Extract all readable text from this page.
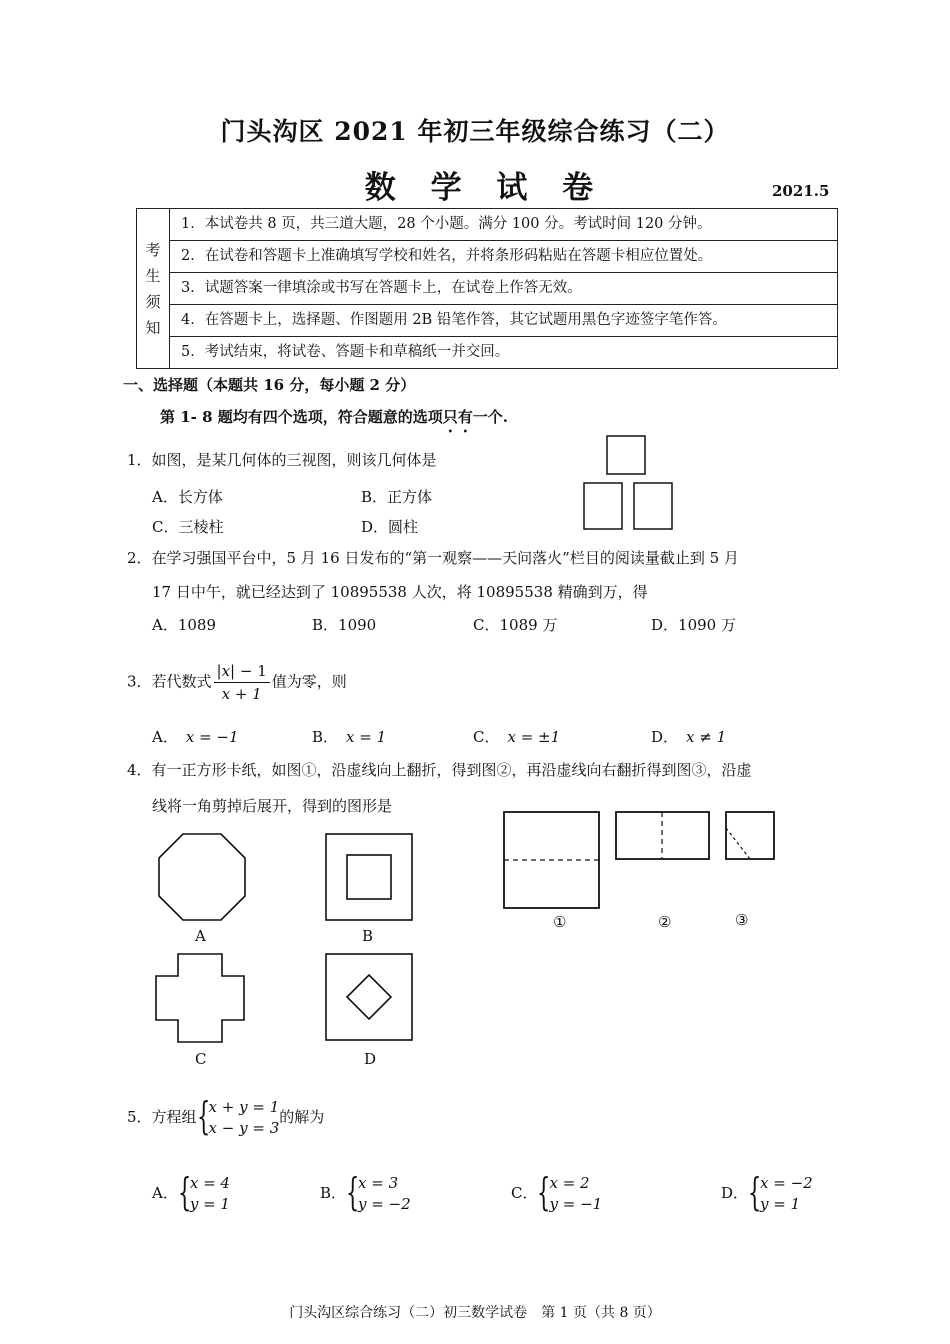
门头沟区 2021 年初三年级综合练习（二）
数 学 试 卷	2021.5
考
生
须
知

1．本试卷共 8 页，共三道大题，28 个小题。满分 100 分。考试时间 120 分钟。

2．在试卷和答题卡上准确填写学校和姓名，并将条形码粘贴在答题卡相应位置处。

3．试题答案一律填涂或书写在答题卡上，在试卷上作答无效。

4．在答题卡上，选择题、作图题用 2B 铅笔作答，其它试题用黑色字迹签字笔作答。

5．考试结束，将试卷、答题卡和草稿纸一并交回。
一、选择题（本题共 16 分，每小题 2 分）
第 1- 8 题均有四个选项，符合题意的选项只有一个.
1．如图，是某几何体的三视图，则该几何体是
A．长方体	B．正方体
C．三棱柱	D．圆柱
2．在学习强国平台中，5 月 16 日发布的“第一观察——天问落火”栏目的阅读量截止到 5 月
17 日中午，就已经达到了 10895538 人次，将 10895538 精确到万，得
A．1089	B．1090	C．1089 万	D．1090 万
3．若代数式 $\frac{|x| - 1}{x + 1}$ 值为零，则
A． x = −1	B． x = 1	C． x = ±1	D． x ≠ 1
4．有一正方形卡纸，如图①，沿虚线向上翻折，得到图②，再沿虚线向右翻折得到图③，沿虚
线将一角剪掉后展开，得到的图形是
A	B
C	D
①	②	③
5．方程组 {
x + y = 1
x − y = 3
的解为
A． {
x = 4
y = 1
B． {
x = 3
y = −2
C． {
x = 2
y = −1
D． {
x = −2
y = 1
门头沟区综合练习（二）初三数学试卷　第 1 页（共 8 页）
